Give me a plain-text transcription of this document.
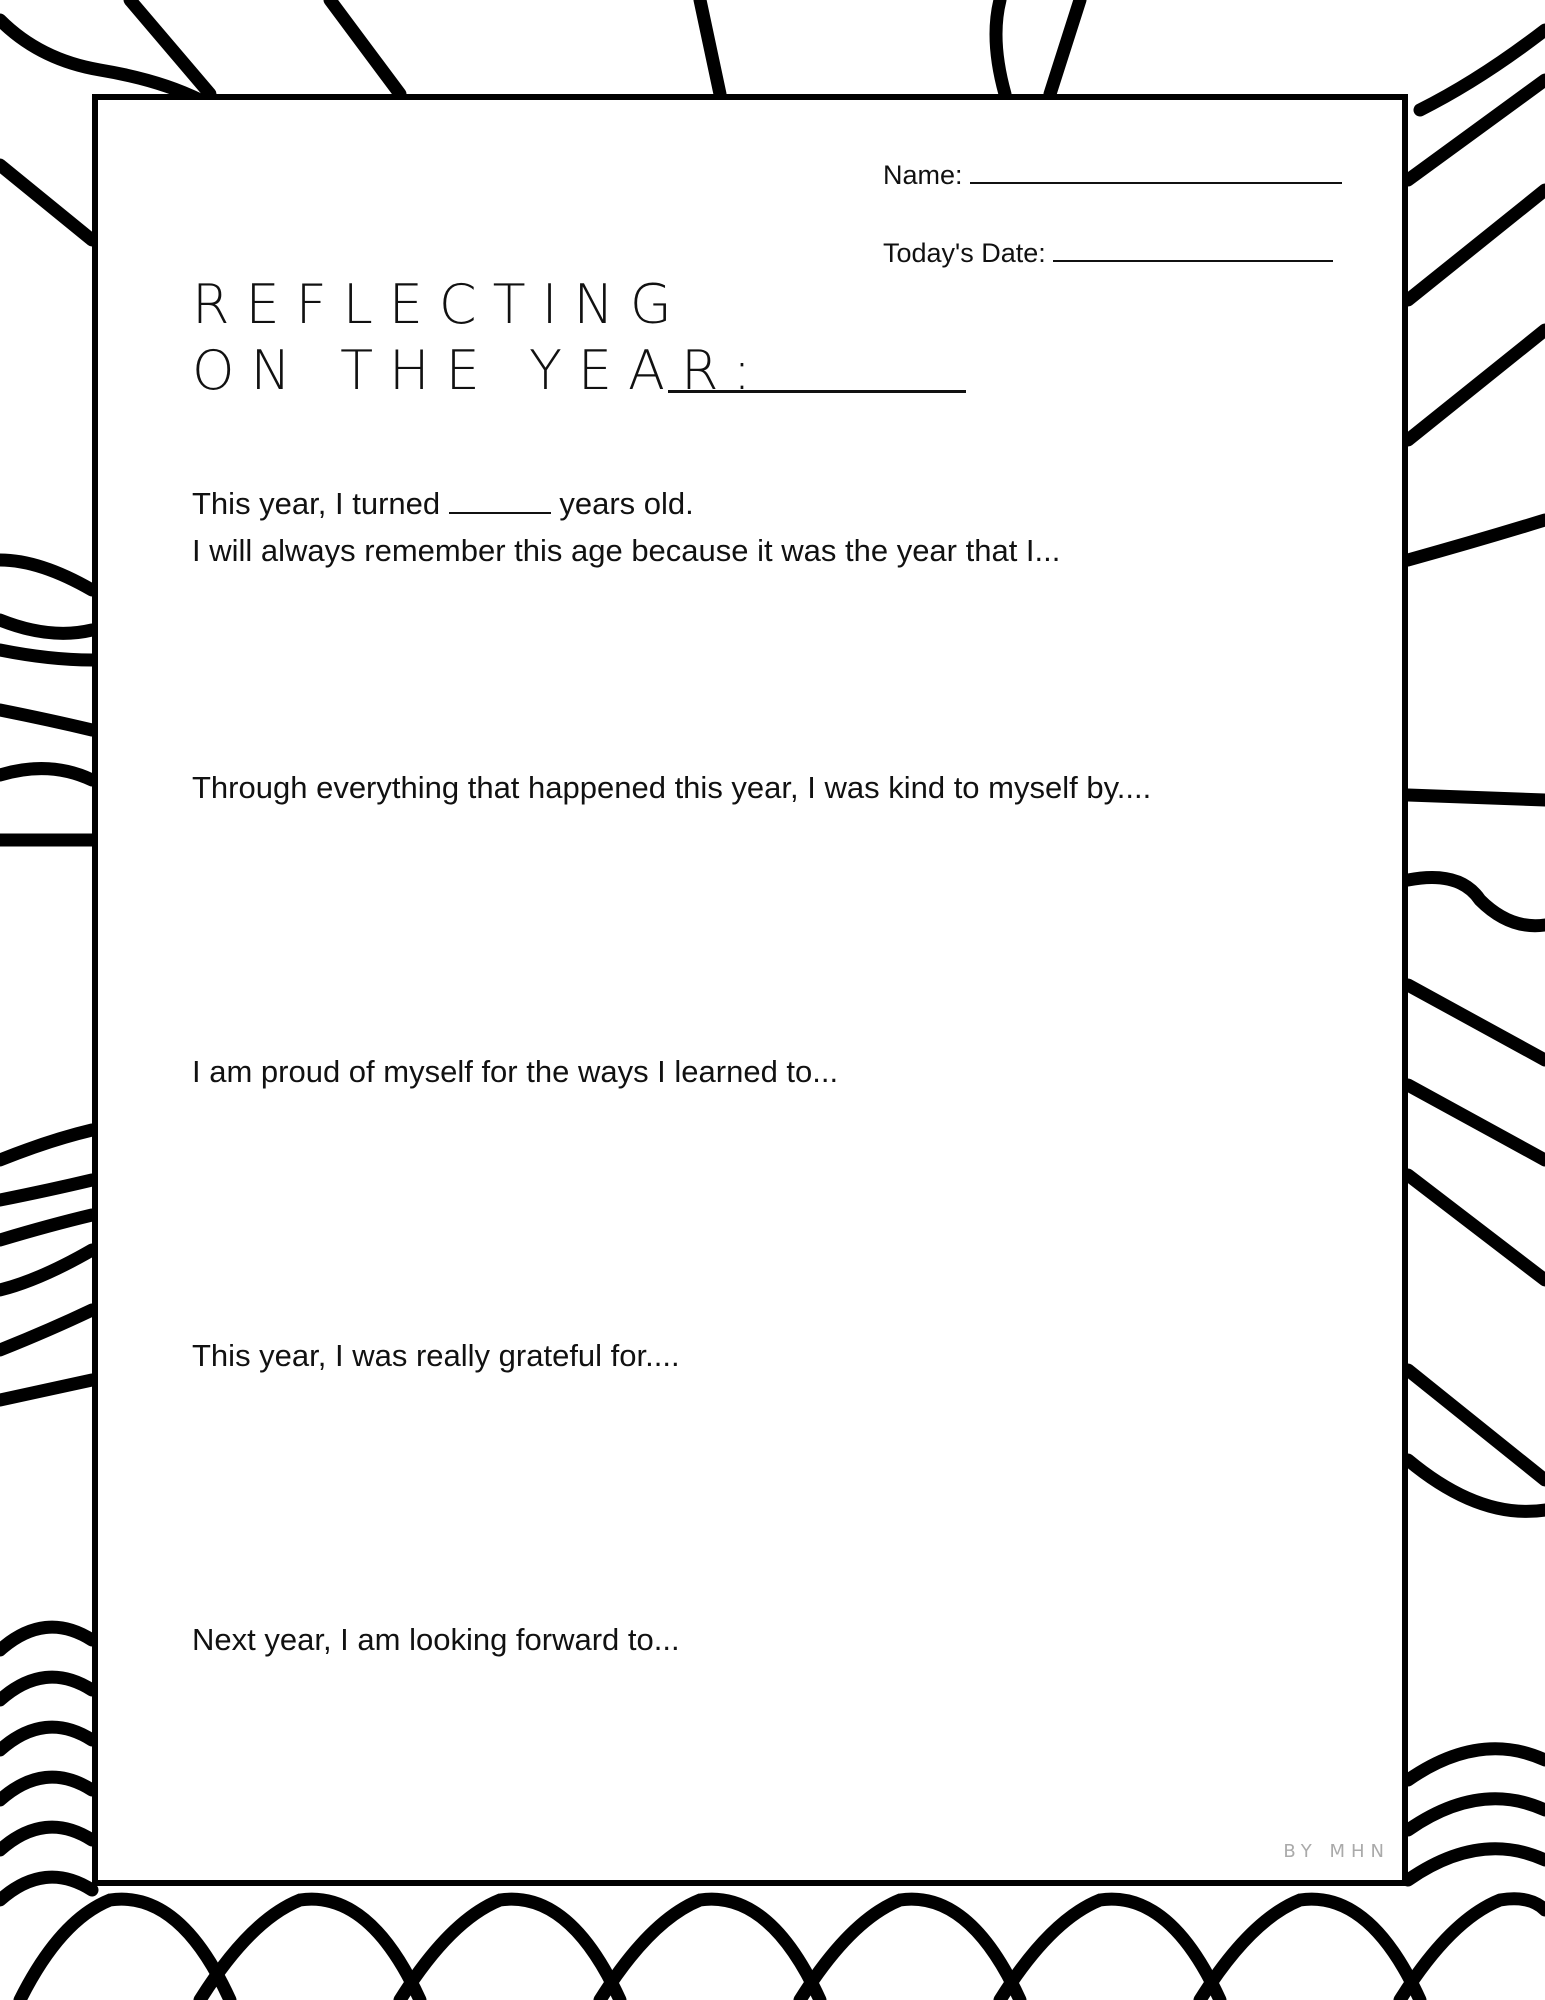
Name:
Today's Date:
REFLECTING
ON THE YEAR:
This year, I turned	years old.
I will always remember this age because it was the year that I...
Through everything that happened this year, I was kind to myself by....
I am proud of myself for the ways I learned to...
This year, I was really grateful for....
Next year, I am looking forward to...
BY MHN
